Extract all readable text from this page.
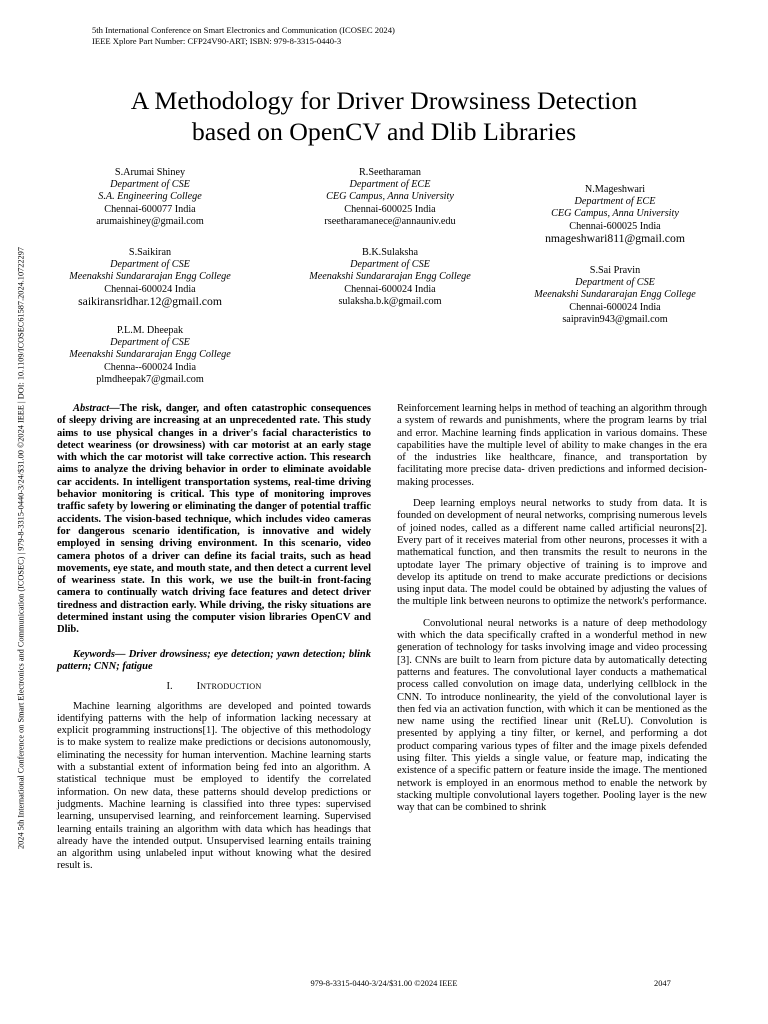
5th International Conference on Smart Electronics and Communication (ICOSEC 2024)
IEEE Xplore Part Number: CFP24V90-ART; ISBN: 979-8-3315-0440-3
2024 5th International Conference on Smart Electronics and Communication (ICOSEC) | 979-8-3315-0440-3/24/$31.00 ©2024 IEEE | DOI: 10.1109/ICOSEC61587.2024.10722297
A Methodology for Driver Drowsiness Detection
based on OpenCV and Dlib Libraries
S.Arumai Shiney
Department of CSE
S.A. Engineering College
Chennai-600077 India
arumaishiney@gmail.com
R.Seetharaman
Department of ECE
CEG Campus, Anna University
Chennai-600025 India
rseetharamanece@annauniv.edu
N.Mageshwari
Department of ECE
CEG Campus, Anna University
Chennai-600025 India
nmageshwari811@gmail.com
S.Saikiran
Department of CSE
Meenakshi Sundararajan Engg College
Chennai-600024 India
saikiransridhar.12@gmail.com
B.K.Sulaksha
Department of CSE
Meenakshi Sundararajan Engg College
Chennai-600024 India
sulaksha.b.k@gmail.com
S.Sai Pravin
Department of CSE
Meenakshi Sundararajan Engg College
Chennai-600024 India
saipravin943@gmail.com
P.L.M. Dheepak
Department of CSE
Meenakshi Sundararajan Engg College
Chenna--600024 India
plmdheepak7@gmail.com

Abstract—The risk, danger, and often catastrophic consequences of sleepy driving are increasing at an unprecedented rate. This study aims to use physical changes in a driver's facial characteristics to detect weariness (or drowsiness) with car motorist at an early stage with which the car motorist will take corrective action. This research aims to analyze the driving behavior in order to eliminate avoidable car accidents. In intelligent transportation systems, real-time driving behavior monitoring is critical. This type of monitoring improves traffic safety by lowering or eliminating the danger of potential traffic accidents. The vision-based technique, which includes video cameras for dangerous scenario identification, is innovative and widely employed in sensing driving environment. In this scenario, video camera photos of a driver can define its facial traits, such as head movements, eye state, and mouth state, and then detect a current level of weariness state. In this work, we use the built-in front-facing camera to continually watch driving face features and detect driver tiredness and distraction early. While driving, the risky situations are determined instant using the computer vision libraries OpenCV and Dlib.

Keywords— Driver drowsiness; eye detection; yawn detection; blink pattern; CNN; fatigue

I. INTRODUCTION

Machine learning algorithms are developed and pointed towards identifying patterns with the help of information lacking necessary at explicit programming instructions[1]. The objective of this methodology is to make system to realize make predictions or decisions autonomously, eliminating the necessity for human intervention. Machine learning starts with a substantial extent of information being fed into an algorithm. A statistical technique must be employed to identify the correlated information. On new data, these patterns should develop predictions or judgments. Machine learning is classified into three types: supervised learning, unsupervised learning, and reinforcement learning. Supervised learning entails training an algorithm with data which has headings that already have the intended output. Unsupervised learning entails training an algorithm using unlabeled input without knowing what the desired result is.

Reinforcement learning helps in method of teaching an algorithm through a system of rewards and punishments, where the program learns by trial and error. Machine learning finds application in various domains. These capabilities have the multiple level of ability to make changes in the era of the industries like healthcare, finance, and transportation by facilitating more precise data- driven predictions and informed decision-making processes.

Deep learning employs neural networks to study from data. It is founded on development of neural networks, comprising numerous levels of joined nodes, called as a different name called artificial neurons[2]. Every part of it receives material from other neurons, processes it with a mathematical function, and then transmits the result to neurons in the uptodate layer The primary objective of training is to improve and develop its aptitude on trend to make accurate predictions or decisions using input data. The model could be obtained by adjusting the values of the multiple link between neurons to optimize the network's performance.

Convolutional neural networks is a nature of deep methodology with which the data specifically crafted in a wonderful method in new generation of technology for tasks involving image and video processing [3]. CNNs are built to learn from picture data by automatically detecting patterns and features. The convolutional layer conducts a mathematical process called convolution on image data, underlying cellblock in the CNN. To introduce nonlinearity, the yield of the convolutional layer is then fed via an activation function, with which it can be mentioned as the new name using the rectified linear unit (ReLU). Convolution is presented by applying a tiny filter, or kernel, and performing a dot product comparing various types of filter and the image pixels defended using filter. This yields a single value, or feature map, indicating the existence of a specific pattern or feature inside the image. The mentioned network is employed in an enormous method to enable the network by stacking multiple convolutional layers together. Pooling layer is the new way that can be combined to shrink

979-8-3315-0440-3/24/$31.00 ©2024 IEEE	2047
